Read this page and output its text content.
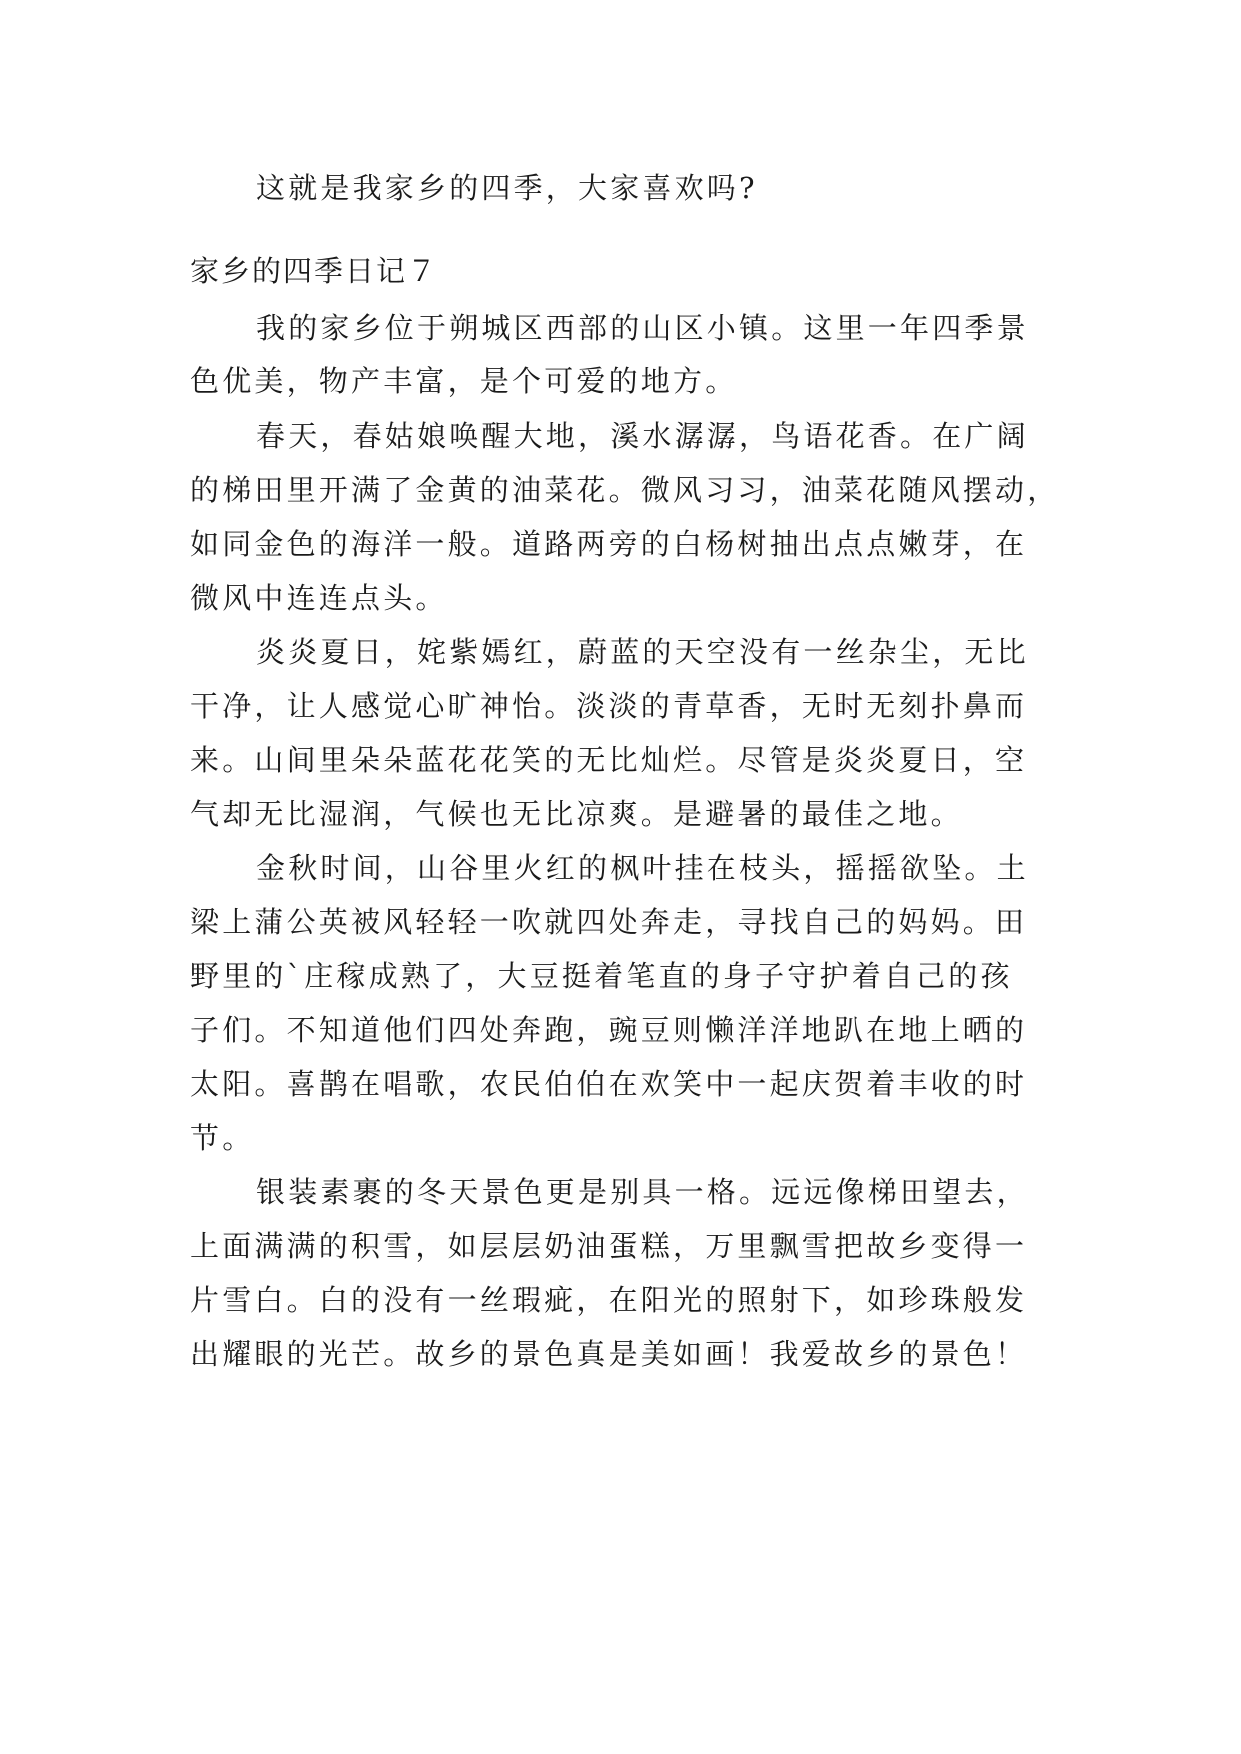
这就是我家乡的四季，大家喜欢吗?
家乡的四季日记７
我的家乡位于朔城区西部的山区小镇。这里一年四季景
色优美，物产丰富，是个可爱的地方。
春天，春姑娘唤醒大地，溪水潺潺，鸟语花香。在广阔
的梯田里开满了金黄的油菜花。微风习习，油菜花随风摆动，
如同金色的海洋一般。道路两旁的白杨树抽出点点嫩芽，在
微风中连连点头。
炎炎夏日，姹紫嫣红，蔚蓝的天空没有一丝杂尘，无比
干净，让人感觉心旷神怡。淡淡的青草香，无时无刻扑鼻而
来。山间里朵朵蓝花花笑的无比灿烂。尽管是炎炎夏日，空
气却无比湿润，气候也无比凉爽。是避暑的最佳之地。
金秋时间，山谷里火红的枫叶挂在枝头，摇摇欲坠。土
梁上蒲公英被风轻轻一吹就四处奔走，寻找自己的妈妈。田
野里的`庄稼成熟了，大豆挺着笔直的身子守护着自己的孩
子们。不知道他们四处奔跑，豌豆则懒洋洋地趴在地上晒的
太阳。喜鹊在唱歌，农民伯伯在欢笑中一起庆贺着丰收的时
节。
银装素裹的冬天景色更是别具一格。远远像梯田望去，
上面满满的积雪，如层层奶油蛋糕，万里飘雪把故乡变得一
片雪白。白的没有一丝瑕疵，在阳光的照射下，如珍珠般发
出耀眼的光芒。故乡的景色真是美如画！我爱故乡的景色！
